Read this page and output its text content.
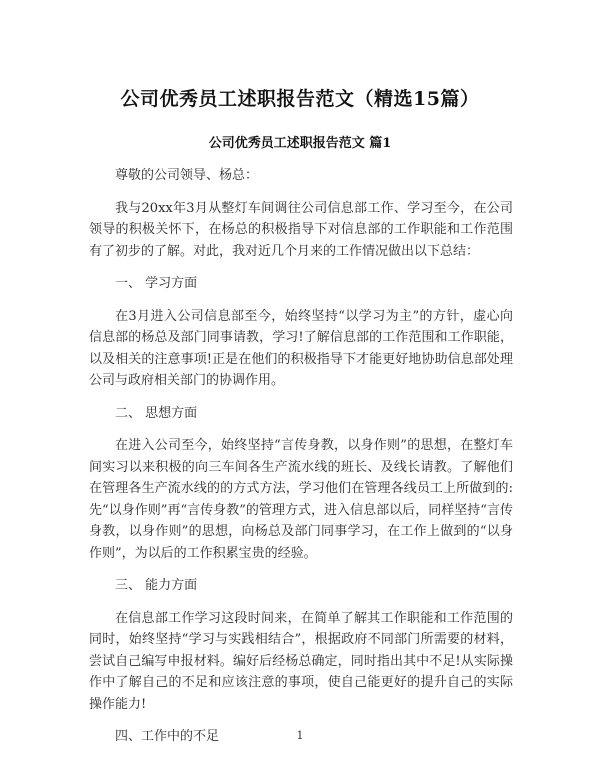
公司优秀员工述职报告范文（精选15篇）
公司优秀员工述职报告范文 篇1

尊敬的公司领导、杨总：

我与20xx年3月从整灯车间调往公司信息部工作、学习至今，在公司领导的积极关怀下，在杨总的积极指导下对信息部的工作职能和工作范围有了初步的了解。对此，我对近几个月来的工作情况做出以下总结：

一、 学习方面

在3月进入公司信息部至今，始终坚持“以学习为主”的方针，虚心向信息部的杨总及部门同事请教，学习!了解信息部的工作范围和工作职能，以及相关的注意事项!正是在他们的积极指导下才能更好地协助信息部处理公司与政府相关部门的协调作用。

二、 思想方面

在进入公司至今，始终坚持“言传身教，以身作则”的思想，在整灯车间实习以来积极的向三车间各生产流水线的班长、及线长请教。了解他们在管理各生产流水线的的方式方法，学习他们在管理各线员工上所做到的:先“以身作则”再“言传身教”的管理方式，进入信息部以后，同样坚持“言传身教，以身作则”的思想，向杨总及部门同事学习，在工作上做到的“以身作则”，为以后的工作积累宝贵的经验。

三、 能力方面

在信息部工作学习这段时间来，在简单了解其工作职能和工作范围的同时，始终坚持“学习与实践相结合”，根据政府不同部门所需要的材料，尝试自己编写申报材料。编好后经杨总确定，同时指出其中不足!从实际操作中了解自己的不足和应该注意的事项，使自己能更好的提升自己的实际操作能力!

四、工作中的不足	1
